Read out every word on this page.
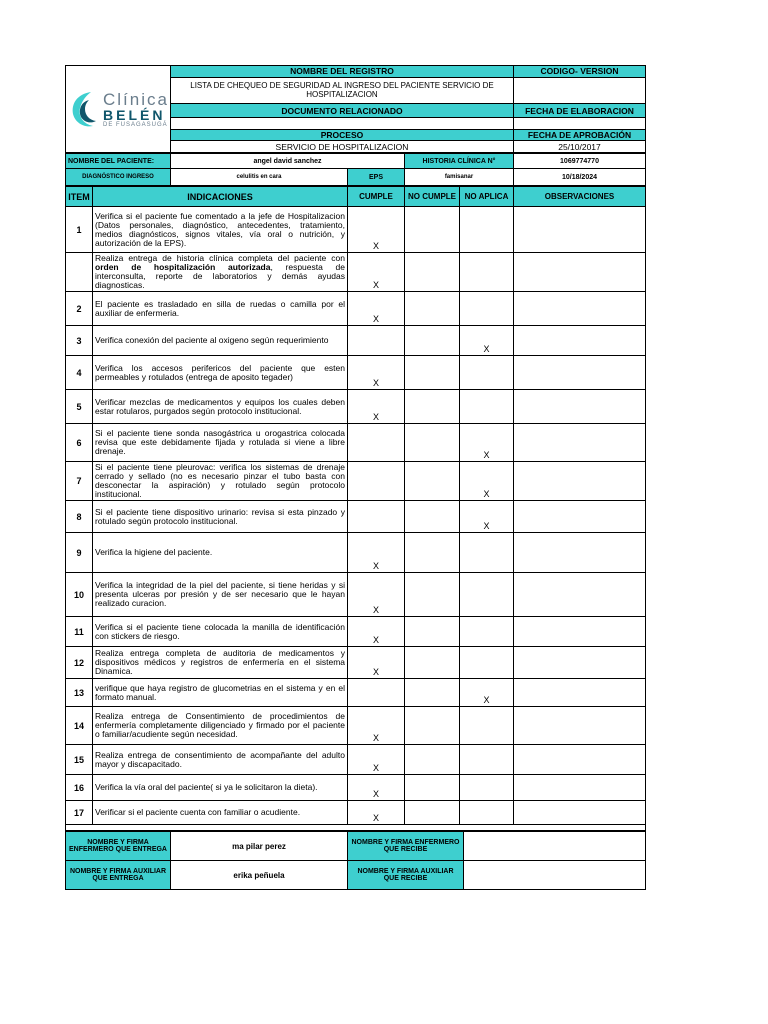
Clínica
BELÉN
DE FUSAGASUGÁ	NOMBRE DEL REGISTRO	CODIGO- VERSION
	LISTA DE CHEQUEO DE SEGURIDAD AL INGRESO DEL PACIENTE SERVICIO DE HOSPITALIZACION	
	DOCUMENTO RELACIONADO	FECHA DE ELABORACION

	PROCESO	FECHA DE APROBACIÓN
	SERVICIO DE HOSPITALIZACION	25/10/2017
NOMBRE DEL PACIENTE:	angel david sanchez		HISTORIA CLÍNICA N°	1069774770
DIAGNÓSTICO INGRESO	celulitis en cara	EPS	famisanar	10/18/2024
ITEM	INDICACIONES	CUMPLE	NO CUMPLE	NO APLICA	OBSERVACIONES
1	Verifica si el paciente fue comentado a la jefe de Hospitalizacion (Datos personales, diagnóstico, antecedentes, tratamiento, medios diagnósticos, signos vitales, vía oral o nutrición, y autorización de la EPS).	X			
	Realiza entrega de historia clínica completa del paciente con orden de hospitalización autorizada, respuesta de interconsulta, reporte de laboratorios y demás ayudas diagnosticas.	X			
2	El paciente es trasladado en silla de ruedas o camilla por el auxiliar de enfermeria.	X			
3	Verifica conexión del paciente al oxigeno según requerimiento			X	
4	Verifica los accesos perifericos del paciente que esten permeables y rotulados (entrega de aposito tegader)	X			
5	Verificar mezclas de medicamentos y equipos los cuales deben estar rotularos, purgados según protocolo institucional.	X			
6	Si el paciente tiene sonda nasogástrica u orogastrica colocada revisa que este debidamente fijada y rotulada si viene a libre drenaje.			X	
7	Si el paciente tiene pleurovac: verifica los sistemas de drenaje cerrado y sellado (no es necesario pinzar el tubo basta con desconectar la aspiración) y rotulado según protocolo institucional.			X	
8	Si el paciente tiene dispositivo urinario: revisa si esta pinzado y rotulado según protocolo institucional.			X	
9	Verifica la higiene del paciente.	X			
10	Verifica la integridad de la piel del paciente, si tiene heridas y si presenta ulceras por presión y de ser necesario que le hayan realizado curacion.	X			
11	Verifica si el paciente tiene colocada la manilla de identificación con stickers de riesgo.	X			
12	Realiza entrega completa de auditoria de medicamentos y dispositivos médicos y registros de enfermería en el sistema Dinamica.	X			
13	verifique que haya registro de glucometrias en el sistema y en el formato manual.			X	
14	Realiza entrega de Consentimiento de procedimientos de enfermería completamente diligenciado y firmado por el paciente o familiar/acudiente según necesidad.	X			
15	Realiza entrega de consentimiento de acompañante del adulto mayor y discapacitado.	X			
16	Verifica la vía oral del paciente( si ya le solicitaron la dieta).	X			
17	Verificar si el paciente cuenta con familiar o acudiente.	X			

NOMBRE Y FIRMA ENFERMERO QUE ENTREGA	ma pilar perez	NOMBRE Y FIRMA ENFERMERO QUE RECIBE	
NOMBRE Y FIRMA AUXILIAR QUE ENTREGA	erika peñuela	NOMBRE Y FIRMA AUXILIAR QUE RECIBE	
